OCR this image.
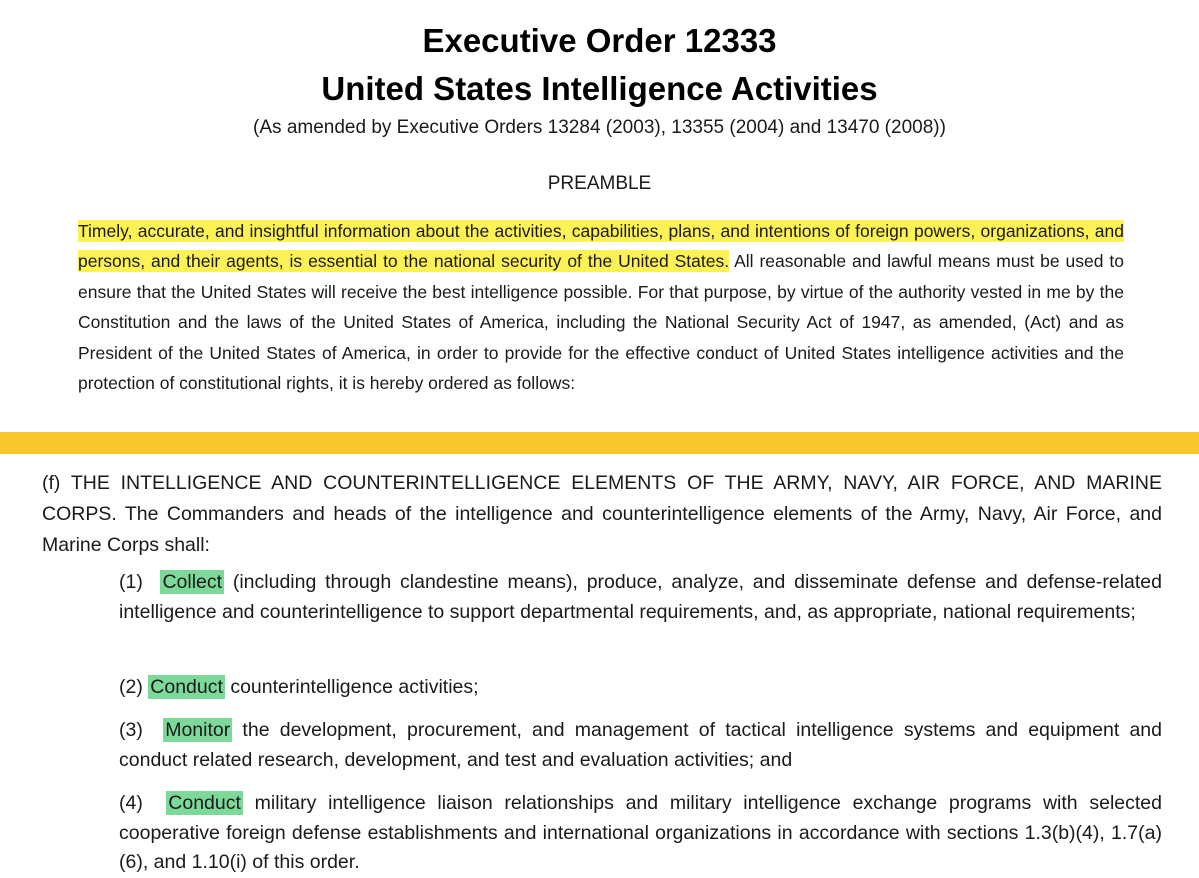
Executive Order 12333
United States Intelligence Activities

(As amended by Executive Orders 13284 (2003), 13355 (2004) and 13470 (2008))

PREAMBLE

Timely, accurate, and insightful information about the activities, capabilities, plans, and intentions of foreign powers, organizations, and persons, and their agents, is essential to the national security of the United States. All reasonable and lawful means must be used to ensure that the United States will receive the best intelligence possible. For that purpose, by virtue of the authority vested in me by the Constitution and the laws of the United States of America, including the National Security Act of 1947, as amended, (Act) and as President of the United States of America, in order to provide for the effective conduct of United States intelligence activities and the protection of constitutional rights, it is hereby ordered as follows:

(f) THE INTELLIGENCE AND COUNTERINTELLIGENCE ELEMENTS OF THE ARMY, NAVY, AIR FORCE, AND MARINE CORPS. The Commanders and heads of the intelligence and counterintelligence elements of the Army, Navy, Air Force, and Marine Corps shall:

(1) Collect (including through clandestine means), produce, analyze, and disseminate defense and defense-related intelligence and counterintelligence to support departmental requirements, and, as appropriate, national requirements;

(2) Conduct counterintelligence activities;

(3) Monitor the development, procurement, and management of tactical intelligence systems and equipment and conduct related research, development, and test and evaluation activities; and

(4) Conduct military intelligence liaison relationships and military intelligence exchange programs with selected cooperative foreign defense establishments and international organizations in accordance with sections 1.3(b)(4), 1.7(a)(6), and 1.10(i) of this order.
